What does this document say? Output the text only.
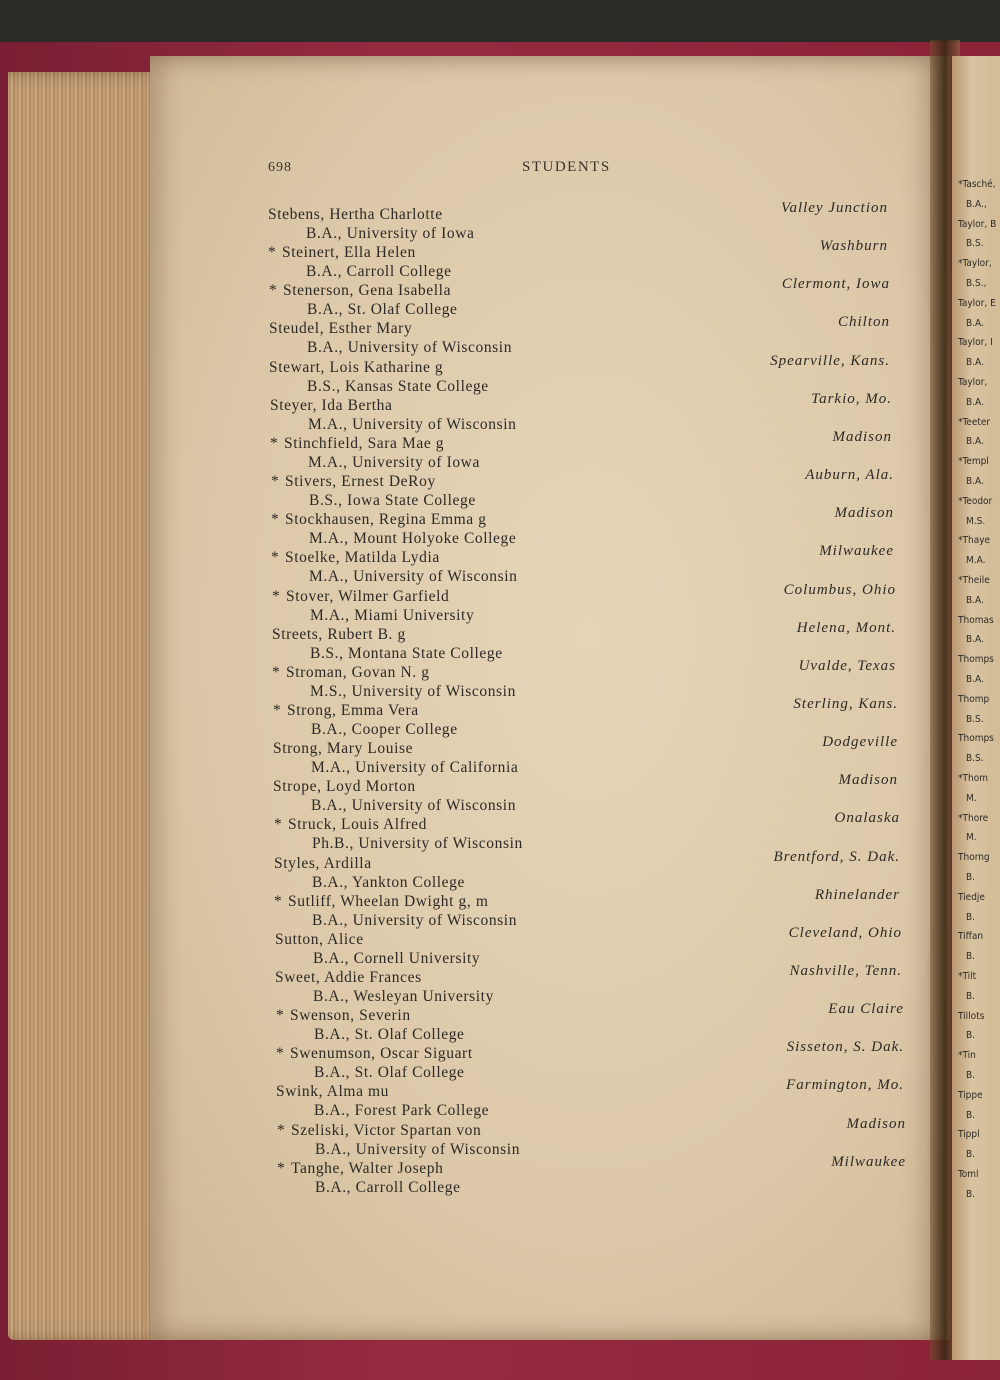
*Tasché,
B.A.,
Taylor, B
B.S.
*Taylor,
B.S.,
Taylor, E
B.A.
Taylor, I
B.A.
Taylor,
B.A.
*Teeter
B.A.
*Templ
B.A.
*Teodor
M.S.
*Thaye
M.A.
*Theile
B.A.
Thomas
B.A.
Thomps
B.A.
Thomp
B.S.
Thomps
B.S.
*Thom
M.
*Thore
M.
Thorng
B.
Tiedje
B.
Tiffan
B.
*Tilt
B.
Tillots
B.
*Tin
B.
Tippe
B.
Tippl
B.
Toml
B.
698	STUDENTS
Stebens, Hertha Charlotte
B.A., University of Iowa
Valley Junction
* Steinert, Ella Helen
B.A., Carroll College
Washburn
* Stenerson, Gena Isabella
B.A., St. Olaf College
Clermont, Iowa
Steudel, Esther Mary
B.A., University of Wisconsin
Chilton
Stewart, Lois Katharine g
B.S., Kansas State College
Spearville, Kans.
Steyer, Ida Bertha
M.A., University of Wisconsin
Tarkio, Mo.
* Stinchfield, Sara Mae g
M.A., University of Iowa
Madison
* Stivers, Ernest DeRoy
B.S., Iowa State College
Auburn, Ala.
* Stockhausen, Regina Emma g
M.A., Mount Holyoke College
Madison
* Stoelke, Matilda Lydia
M.A., University of Wisconsin
Milwaukee
* Stover, Wilmer Garfield
M.A., Miami University
Columbus, Ohio
Streets, Rubert B. g
B.S., Montana State College
Helena, Mont.
* Stroman, Govan N. g
M.S., University of Wisconsin
Uvalde, Texas
* Strong, Emma Vera
B.A., Cooper College
Sterling, Kans.
Strong, Mary Louise
M.A., University of California
Dodgeville
Strope, Loyd Morton
B.A., University of Wisconsin
Madison
* Struck, Louis Alfred
Ph.B., University of Wisconsin
Onalaska
Styles, Ardilla
B.A., Yankton College
Brentford, S. Dak.
* Sutliff, Wheelan Dwight g, m
B.A., University of Wisconsin
Rhinelander
Sutton, Alice
B.A., Cornell University
Cleveland, Ohio
Sweet, Addie Frances
B.A., Wesleyan University
Nashville, Tenn.
* Swenson, Severin
B.A., St. Olaf College
Eau Claire
* Swenumson, Oscar Siguart
B.A., St. Olaf College
Sisseton, S. Dak.
Swink, Alma mu
B.A., Forest Park College
Farmington, Mo.
* Szeliski, Victor Spartan von
B.A., University of Wisconsin
Madison
* Tanghe, Walter Joseph
B.A., Carroll College
Milwaukee
